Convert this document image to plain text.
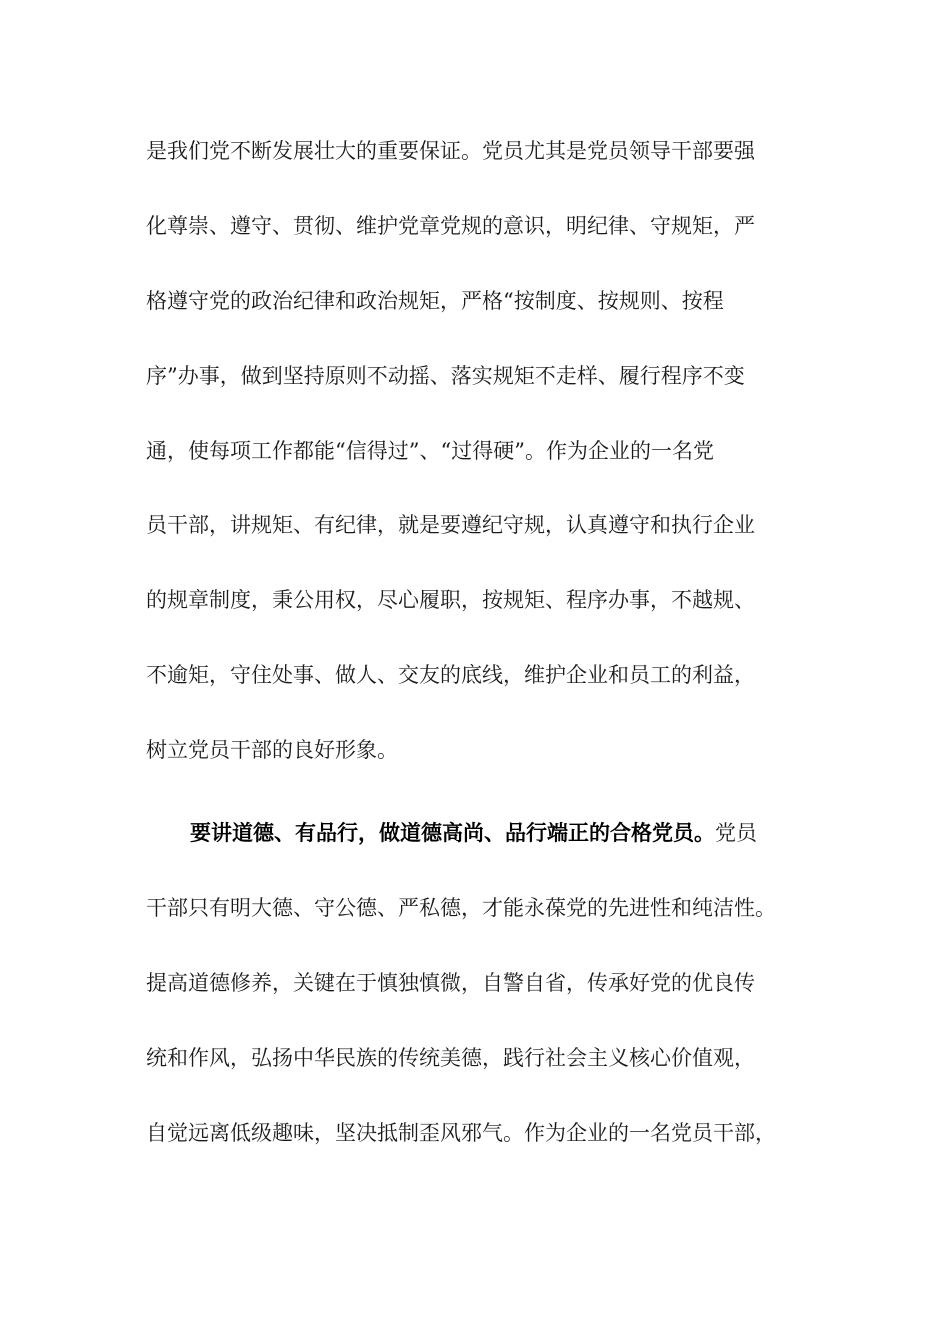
是我们党不断发展壮大的重要保证。党员尤其是党员领导干部要强
化尊崇、遵守、贯彻、维护党章党规的意识，明纪律、守规矩，严
格遵守党的政治纪律和政治规矩，严格“按制度、按规则、按程
序”办事，做到坚持原则不动摇、落实规矩不走样、履行程序不变
通，使每项工作都能“信得过”、“过得硬”。作为企业的一名党
员干部，讲规矩、有纪律，就是要遵纪守规，认真遵守和执行企业
的规章制度，秉公用权，尽心履职，按规矩、程序办事，不越规、
不逾矩，守住处事、做人、交友的底线，维护企业和员工的利益，
树立党员干部的良好形象。
要讲道德、有品行，做道德高尚、品行端正的合格党员。党员
干部只有明大德、守公德、严私德，才能永葆党的先进性和纯洁性。
提高道德修养，关键在于慎独慎微，自警自省，传承好党的优良传
统和作风，弘扬中华民族的传统美德，践行社会主义核心价值观，
自觉远离低级趣味，坚决抵制歪风邪气。作为企业的一名党员干部，
